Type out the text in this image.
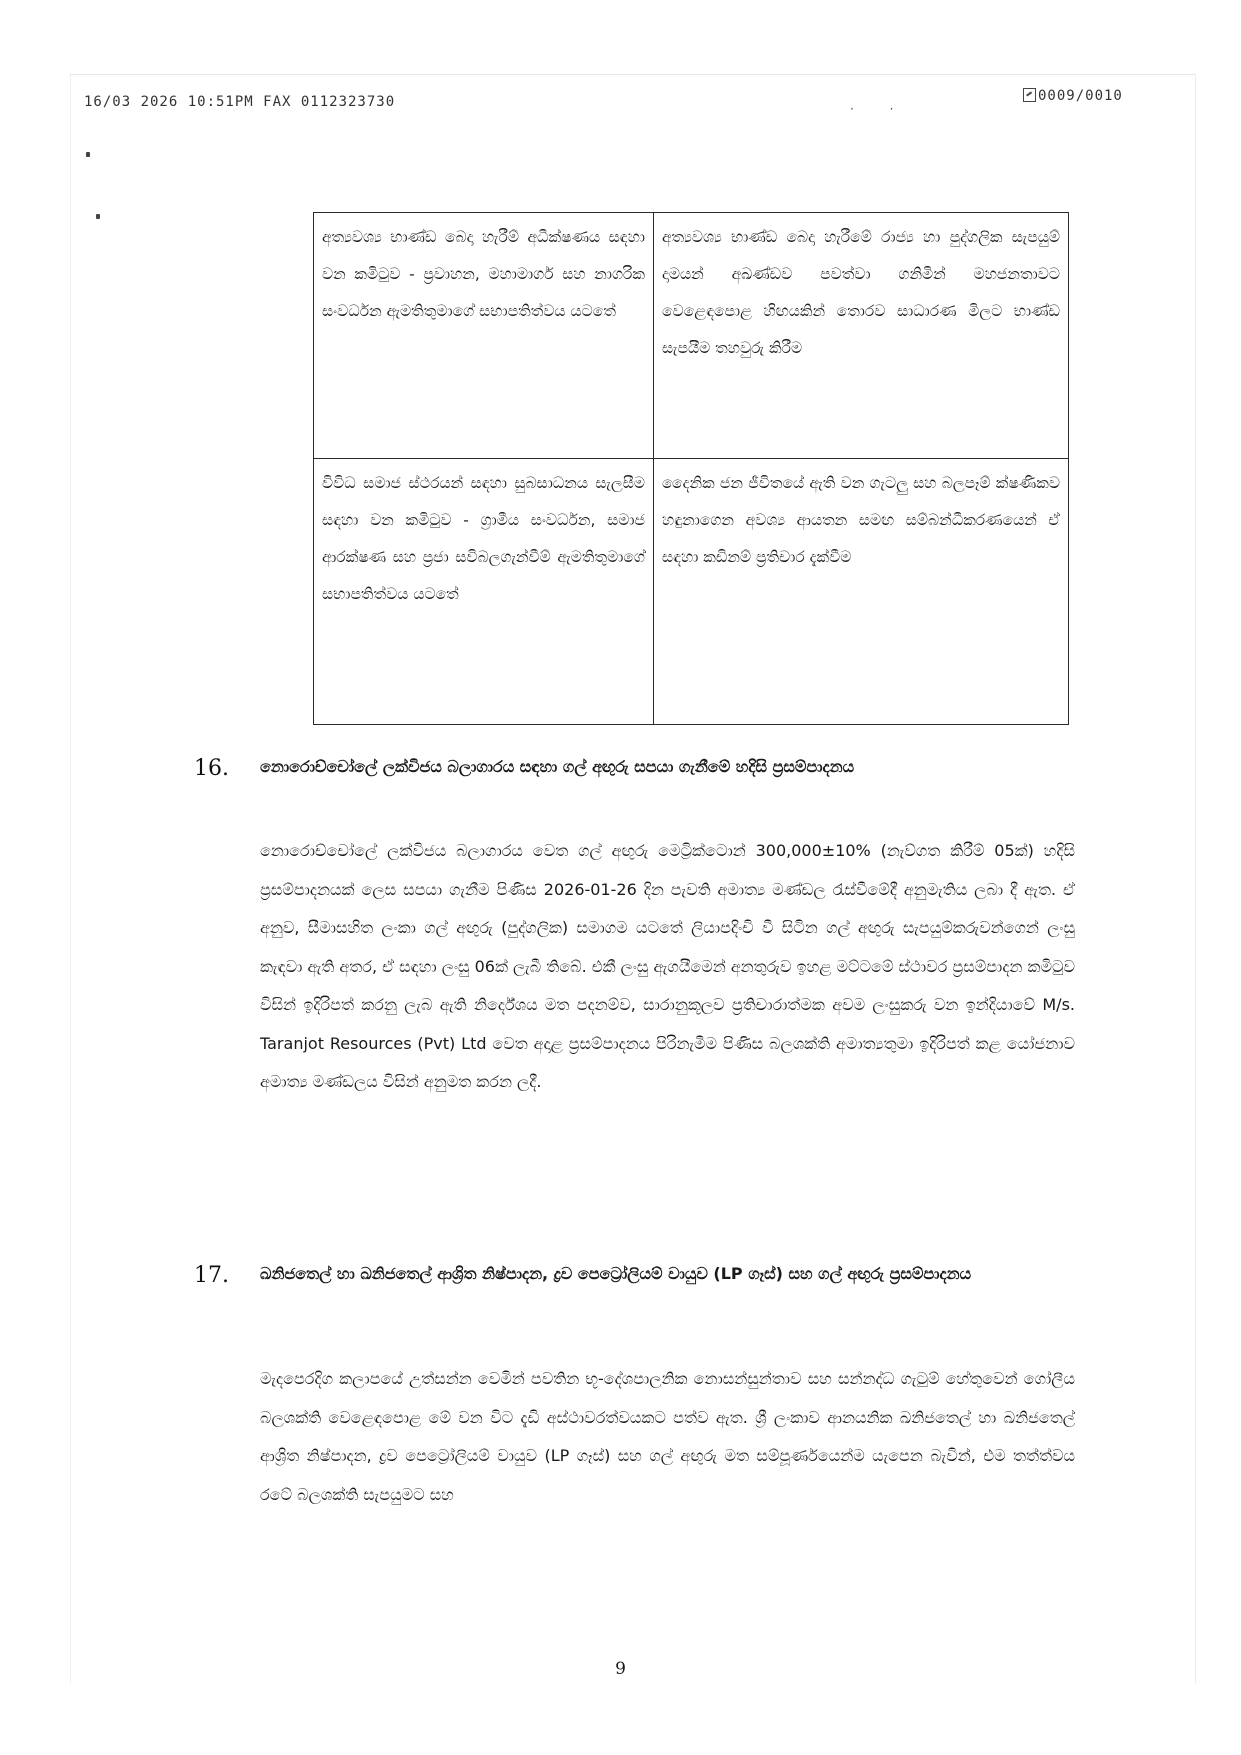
16/03 2026 10:51PM FAX 0112323730	· ·
0009/0010
අත්‍යවශ්‍ය භාණ්ඩ බෙදා හැරීම් අධීක්ෂණය සඳහා වන කමිටුව - ප්‍රවාහන, මහාමාර්ග සහ නාගරික සංවර්ධන ඇමතිතුමාගේ සභාපතිත්වය යටතේ	අත්‍යවශ්‍ය භාණ්ඩ බෙදා හැරීමේ රාජ්‍ය හා පුද්ගලික සැපයුම් දාමයන් අඛණ්ඩව පවත්වා ගනිමින් මහජනතාවට වෙළෙඳපොළ හිඟයකින් තොරව සාධාරණ මිලට භාණ්ඩ සැපයීම තහවුරු කිරීම
විවිධ සමාජ ස්ථරයන් සඳහා සුබසාධනය සැලසීම සඳහා වන කමිටුව - ග්‍රාමීය සංවර්ධන, සමාජ ආරක්ෂණ සහ ප්‍රජා සවිබලගැන්වීම් ඇමතිතුමාගේ සභාපතිත්වය යටතේ	දෛනික ජන ජීවිතයේ ඇති වන ගැටලු සහ බලපෑම් ක්ෂණිකව හඳුනාගෙන අවශ්‍ය ආයතන සමඟ සම්බන්ධීකරණයෙන් ඒ සඳහා කඩිනම් ප්‍රතිචාර දැක්වීම
16. නොරොච්චෝලේ ලක්විජය බලාගාරය සඳහා ගල් අඟුරු සපයා ගැනීමේ හදිසි ප්‍රසම්පාදනය
නොරොච්චෝලේ ලක්විජය බලාගාරය වෙත ගල් අඟුරු මෙට්‍රික්ටොන් 300,000±10% (නැව්ගත කිරීම් 05ක්) හදිසි ප්‍රසම්පාදනයක් ලෙස සපයා ගැනීම පිණිස 2026-01-26 දින පැවති අමාත්‍ය මණ්ඩල රැස්වීමේදී අනුමැතිය ලබා දී ඇත. ඒ අනුව, සීමාසහිත ලංකා ගල් අඟුරු (පුද්ගලික) සමාගම යටතේ ලියාපදිංචි වී සිටින ගල් අඟුරු සැපයුම්කරුවන්ගෙන් ලංසු කැඳවා ඇති අතර, ඒ සඳහා ලංසු 06ක් ලැබී තිබේ. එකී ලංසු ඇගයීමෙන් අනතුරුව ඉහළ මට්ටමේ ස්ථාවර ප්‍රසම්පාදන කමිටුව විසින් ඉදිරිපත් කරනු ලැබ ඇති නිර්දේශය මත පදනම්ව, සාරානුකූලව ප්‍රතිචාරාත්මක අවම ලංසුකරු වන ඉන්දියාවේ M/s. Taranjot Resources (Pvt) Ltd වෙත අදාළ ප්‍රසම්පාදනය පිරිනැමීම පිණිස බලශක්ති අමාත්‍යතුමා ඉදිරිපත් කළ යෝජනාව අමාත්‍ය මණ්ඩලය විසින් අනුමත කරන ලදී.
17. ඛනිජතෙල් හා ඛනිජතෙල් ආශ්‍රිත නිෂ්පාදන, ද්‍රව පෙට්‍රෝලියම් වායුව (LP ගෑස්) සහ ගල් අඟුරු ප්‍රසම්පාදනය
මැදපෙරදිග කලාපයේ උත්සන්න වෙමින් පවතින භූ-දේශපාලනික නොසන්සුන්තාව සහ සන්නද්ධ ගැටුම් හේතුවෙන් ගෝලීය බලශක්ති වෙළෙඳපොළ මේ වන විට දැඩි අස්ථාවරත්වයකට පත්ව ඇත. ශ්‍රී ලංකාව ආනයනික ඛනිජතෙල් හා ඛනිජතෙල් ආශ්‍රිත නිෂ්පාදන, ද්‍රව පෙට්‍රෝලියම් වායුව (LP ගෑස්) සහ ගල් අඟුරු මත සම්පූර්ණයෙන්ම යැපෙන බැවින්, එම තත්ත්වය රටේ බලශක්ති සැපයුමට සහ
9
